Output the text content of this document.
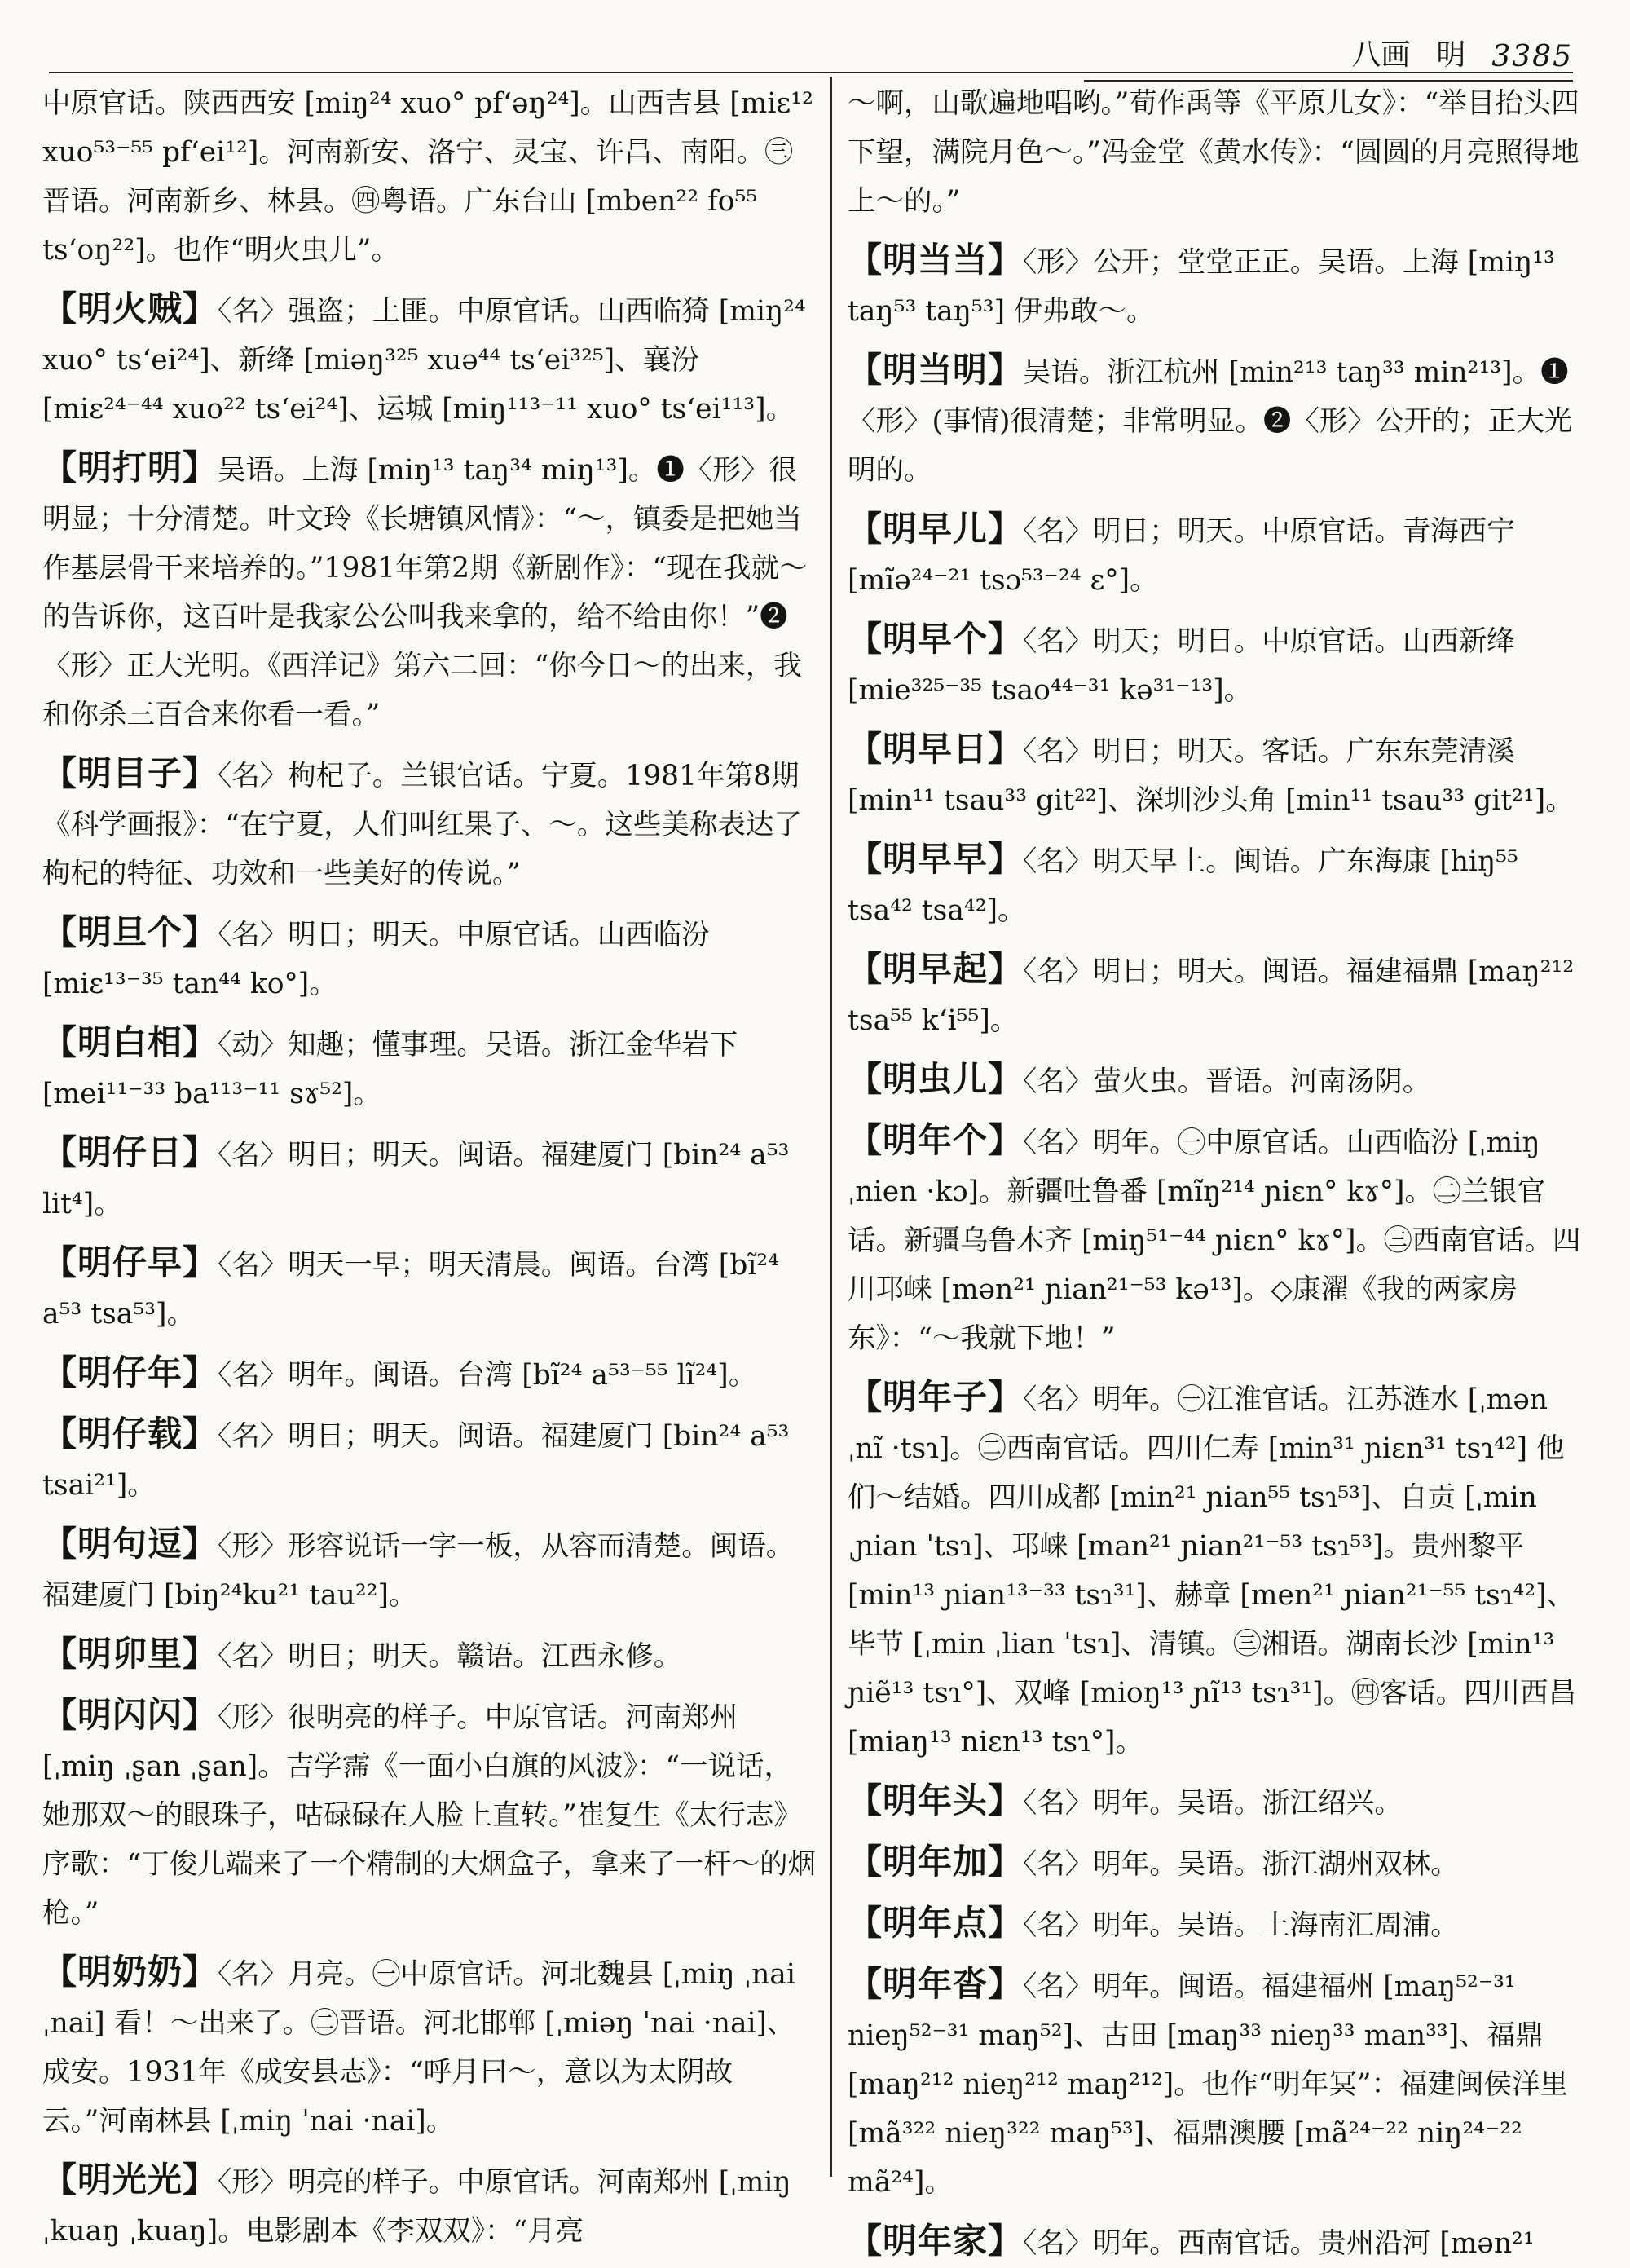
八画 明 3385
中原官话。陕西西安 [miŋ²⁴ xuo° pf‘əŋ²⁴]。山西吉县 [miɛ¹² xuo⁵³⁻⁵⁵ pf‘ei¹²]。河南新安、洛宁、灵宝、许昌、南阳。㊂晋语。河南新乡、林县。㊃粤语。广东台山 [mben²² fo⁵⁵ ts‘oŋ²²]。也作“明火虫儿”。
【明火贼】〈名〉强盗；土匪。中原官话。山西临猗 [miŋ²⁴ xuo° ts‘ei²⁴]、新绛 [miəŋ³²⁵ xuə⁴⁴ ts‘ei³²⁵]、襄汾 [miɛ²⁴⁻⁴⁴ xuo²² ts‘ei²⁴]、运城 [miŋ¹¹³⁻¹¹ xuo° ts‘ei¹¹³]。
【明打明】吴语。上海 [miŋ¹³ taŋ³⁴ miŋ¹³]。❶〈形〉很明显；十分清楚。叶文玲《长塘镇风情》：“～，镇委是把她当作基层骨干来培养的。”1981年第2期《新剧作》：“现在我就～的告诉你，这百叶是我家公公叫我来拿的，给不给由你！”❷〈形〉正大光明。《西洋记》第六二回：“你今日～的出来，我和你杀三百合来你看一看。”
【明目子】〈名〉枸杞子。兰银官话。宁夏。1981年第8期《科学画报》：“在宁夏，人们叫红果子、～。这些美称表达了枸杞的特征、功效和一些美好的传说。”
【明旦个】〈名〉明日；明天。中原官话。山西临汾 [miɛ¹³⁻³⁵ tan⁴⁴ ko°]。
【明白相】〈动〉知趣；懂事理。吴语。浙江金华岩下 [mei¹¹⁻³³ ba¹¹³⁻¹¹ sɤ⁵²]。
【明仔日】〈名〉明日；明天。闽语。福建厦门 [bin²⁴ a⁵³ lit⁴]。
【明仔早】〈名〉明天一早；明天清晨。闽语。台湾 [bĩ²⁴ a⁵³ tsa⁵³]。
【明仔年】〈名〉明年。闽语。台湾 [bĩ²⁴ a⁵³⁻⁵⁵ lĩ²⁴]。
【明仔载】〈名〉明日；明天。闽语。福建厦门 [bin²⁴ a⁵³ tsai²¹]。
【明句逗】〈形〉形容说话一字一板，从容而清楚。闽语。福建厦门 [biŋ²⁴ku²¹ tau²²]。
【明卯里】〈名〉明日；明天。赣语。江西永修。
【明闪闪】〈形〉很明亮的样子。中原官话。河南郑州 [ˌmiŋ ˌʂan ˌʂan]。吉学霈《一面小白旗的风波》：“一说话，她那双～的眼珠子，咕碌碌在人脸上直转。”崔复生《太行志》序歌：“丁俊儿端来了一个精制的大烟盒子，拿来了一杆～的烟枪。”
【明奶奶】〈名〉月亮。㊀中原官话。河北魏县 [ˌmiŋ ˌnai ˌnai] 看！～出来了。㊁晋语。河北邯郸 [ˌmiəŋ ˈnai ·nai]、成安。1931年《成安县志》：“呼月曰～，意以为太阴故云。”河南林县 [ˌmiŋ ˈnai ·nai]。
【明光光】〈形〉明亮的样子。中原官话。河南郑州 [ˌmiŋ ˌkuaŋ ˌkuaŋ]。电影剧本《李双双》：“月亮
～啊，山歌遍地唱哟。”荀作禹等《平原儿女》：“举目抬头四下望，满院月色～。”冯金堂《黄水传》：“圆圆的月亮照得地上～的。”
【明当当】〈形〉公开；堂堂正正。吴语。上海 [miŋ¹³ taŋ⁵³ taŋ⁵³] 伊弗敢～。
【明当明】吴语。浙江杭州 [min²¹³ taŋ³³ min²¹³]。❶〈形〉(事情)很清楚；非常明显。❷〈形〉公开的；正大光明的。
【明早儿】〈名〉明日；明天。中原官话。青海西宁 [mĩə²⁴⁻²¹ tsɔ⁵³⁻²⁴ ɛ°]。
【明早个】〈名〉明天；明日。中原官话。山西新绛 [mie³²⁵⁻³⁵ tsao⁴⁴⁻³¹ kə³¹⁻¹³]。
【明早日】〈名〉明日；明天。客话。广东东莞清溪 [min¹¹ tsau³³ git²²]、深圳沙头角 [min¹¹ tsau³³ git²¹]。
【明早早】〈名〉明天早上。闽语。广东海康 [hiŋ⁵⁵ tsa⁴² tsa⁴²]。
【明早起】〈名〉明日；明天。闽语。福建福鼎 [maŋ²¹² tsa⁵⁵ k‘i⁵⁵]。
【明虫儿】〈名〉萤火虫。晋语。河南汤阴。
【明年个】〈名〉明年。㊀中原官话。山西临汾 [ˌmiŋ ˌnien ·kɔ]。新疆吐鲁番 [mĩŋ²¹⁴ ɲiɛn° kɤ°]。㊁兰银官话。新疆乌鲁木齐 [miŋ⁵¹⁻⁴⁴ ɲiɛn° kɤ°]。㊂西南官话。四川邛崃 [mən²¹ ɲian²¹⁻⁵³ kə¹³]。◇康濯《我的两家房东》：“～我就下地！”
【明年子】〈名〉明年。㊀江淮官话。江苏涟水 [ˌmən ˌnĩ ·tsɿ]。㊁西南官话。四川仁寿 [min³¹ ɲiɛn³¹ tsɿ⁴²] 他们～结婚。四川成都 [min²¹ ɲian⁵⁵ tsɿ⁵³]、自贡 [ˌmin ˌɲian ˈtsɿ]、邛崃 [man²¹ ɲian²¹⁻⁵³ tsɿ⁵³]。贵州黎平 [min¹³ ɲian¹³⁻³³ tsɿ³¹]、赫章 [men²¹ ɲian²¹⁻⁵⁵ tsɿ⁴²]、毕节 [ˌmin ˌlian ˈtsɿ]、清镇。㊂湘语。湖南长沙 [min¹³ ɲiẽ¹³ tsɿ°]、双峰 [mioŋ¹³ ɲĩ¹³ tsɿ³¹]。㊃客话。四川西昌 [miaŋ¹³ niɛn¹³ tsɿ°]。
【明年头】〈名〉明年。吴语。浙江绍兴。
【明年加】〈名〉明年。吴语。浙江湖州双林。
【明年点】〈名〉明年。吴语。上海南汇周浦。
【明年沓】〈名〉明年。闽语。福建福州 [maŋ⁵²⁻³¹ nieŋ⁵²⁻³¹ maŋ⁵²]、古田 [maŋ³³ nieŋ³³ man³³]、福鼎 [maŋ²¹² nieŋ²¹² maŋ²¹²]。也作“明年冥”：福建闽侯洋里 [mã³²² nieŋ³²² maŋ⁵³]、福鼎澳腰 [mã²⁴⁻²² niŋ²⁴⁻²² mã²⁴]。
【明年家】〈名〉明年。西南官话。贵州沿河 [mən²¹
